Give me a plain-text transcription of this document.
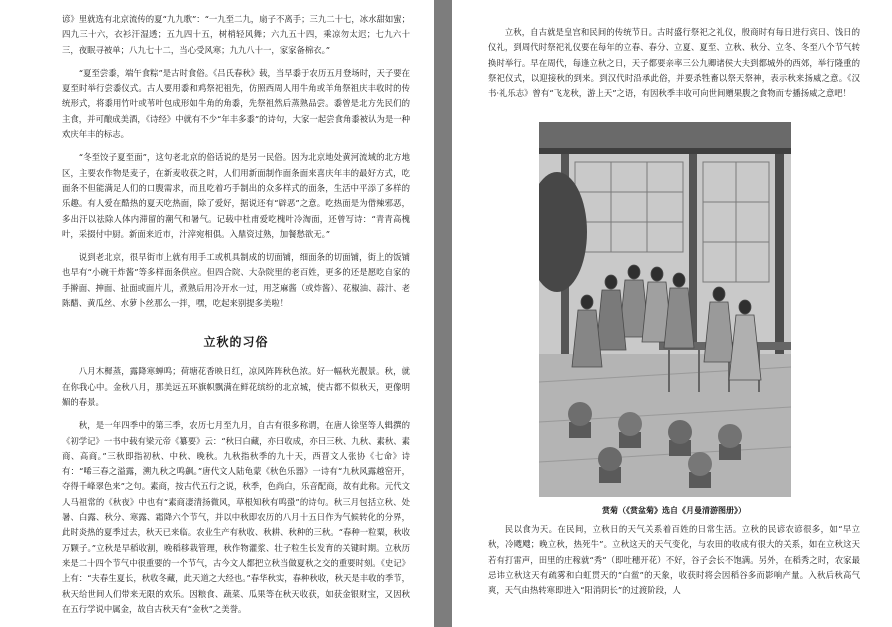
谚》里就选有北京流传的夏“九九歌”：“一九至二九，扇子不离手；三九二十七，冰水甜如蜜；四九三十六，衣衫汗湿透；五九四十五，树梢轻风舞；六九五十四，乘凉勿太迟；七九六十三，夜眠寻被单；八九七十二，当心受风寒；九九八十一，家家备棉衣。”

“夏至尝黍，端午食粽”是古时食俗。《吕氏春秋》载，当早黍于农历五月登场时，天子要在夏至时举行尝黍仪式。古人要用黍和鸡祭祀祖先，仿照西周人用牛角或羊角祭祖庆丰收时的传统形式，将黍用竹叶或苇叶包成形如牛角的角黍，先祭祖然后蒸熟品尝。黍曾是北方先民们的主食，并可酿成美酒，《诗经》中就有不少“年丰多黍”的诗句，大家一起尝食角黍被认为是一种欢庆年丰的标志。

“冬至饺子夏至面”，这句老北京的俗话说的是另一民俗。因为北京地处黄河流域的北方地区，主要农作物是麦子，在新麦收获之时，人们用新面制作面条面来喜庆年丰的最好方式，吃面条不但能满足人们的口腹需求，而且吃着巧手制出的众多样式的面条，生活中平添了多样的乐趣。有人爱在酷热的夏天吃热面，除了爱好，据说还有“辟恶”之意。吃热面是为借辣邪恶，多出汗以祛除人体内滞留的潮气和暑气。记载中杜甫爱吃槐叶冷淘面，还曾写诗：“青青高槐叶，采掇付中厨。新面来近市，汁滓宛相俱。入鼎资过熟，加餐愁欲无。”

说到老北京，很早街市上就有用手工或机具制成的切面铺，细面条的切面铺，街上的饭铺也早有“小碗干炸酱”等多样面条供应。但四合院、大杂院里的老百姓，更多的还是愿吃自家的手擀面、抻面、扯面或面片儿，煮熟后用冷开水一过，用芝麻酱（或炸酱）、花椒油、蒜汁、老陈醋、黄瓜丝、水萝卜丝那么一拌，嘿，吃起来别提多美啦！

立秋的习俗

八月木樨蒸，露降寒蝉鸣；荷塘花香映日红，凉风阵阵秋色浓。好一幅秋光靓景。秋，就在你我心中。金秋八月，那美远五环旗帜飘满在鲜花缤纷的北京城，使古都不似秋天，更像明媚的春景。

秋，是一年四季中的第三季，农历七月至九月，自古有很多称谓，在唐人徐坚等人辑撰的《初学记》一书中载有梁元帝《纂要》云：“秋曰白藏，亦曰收成，亦曰三秋、九秋、素秋、素商、高商。”三秋即指初秋、中秋、晚秋。九秋指秋季的九十天，西晋文人张协《七命》诗有：“唏三春之溢露，溯九秋之鸣飙。”唐代文人陆龟蒙《秋色乐器》一诗有“九秋风露越窑开，夺得千峰翠色来”之句。素商，按古代五行之说，秋季，色尚白，乐音配商，故有此称。元代文人马祖常的《秋夜》中也有“素商凄清扬微风，草根知秋有鸣蛩”的诗句。秋三月包括立秋、处暑、白露、秋分、寒露、霜降六个节气，并以中秋即农历的八月十五日作为气候转化的分界，此时炎热的夏季过去，秋天已来临。农业生产有秋收、秋耕、秋种的三秋。“春种一粒粟，秋收万颗子。”立秋是早稻收割，晚稻移栽管理，秋作物灌浆、壮子粒生长发育的关键时期。立秋历来是二十四个节气中很重要的一个节气，古今文人都把立秋当做夏秋之交的重要时刻。《史记》上有：“夫春生夏长，秋收冬藏，此天道之大经也。”春华秋实，春种秋收，秋天是丰收的季节，秋天给世间人们带来无限的欢乐。因粮食、蔬菜、瓜果等在秋天收获，如获金银财宝，又因秋在五行学说中属金，故自古秋天有“金秋”之美誉。

立秋，自古就是皇宫和民间的传统节日。古时盛行祭祀之礼仪，殷商时有每日进行宾日、饯日的仪礼，到周代时祭祀礼仪要在每年的立春、春分、立夏、夏至、立秋、秋分、立冬、冬至八个节气转换时举行。早在周代，每逢立秋之日，天子都要亲率三公九卿诸侯大夫到都城外的西郊，举行隆重的祭祀仪式，以迎接秋的到来。到汉代时沿承此俗，并要杀牲畜以祭天祭神，表示秋来扬威之意。《汉书·礼乐志》曾有“飞龙秋，游上天”之语，有因秋季丰收可向世间赠果腹之食物而专播扬威之意吧！

赏菊（《赏盆菊》选自《月曼清游图册》）

民以食为天。在民间，立秋日的天气关系着百姓的日常生活。立秋的民谚农谚很多，如“早立秋，冷飕飕；晚立秋，热死牛”。立秋这天的天气变化，与农田的收成有很大的关系，如在立秋这天若有打雷声，田里的庄稼就“秀”（即吐穗开花）不好，谷子会长不饱满。另外，在稻秀之时，农家最忌讳立秋这天有疏雾和白虹贯天的“白鲎”的天象，收获时将会因稻谷多而影响产量。入秋后秋高气爽，天气由热转寒即进入“阳消阴长”的过渡阶段，人
